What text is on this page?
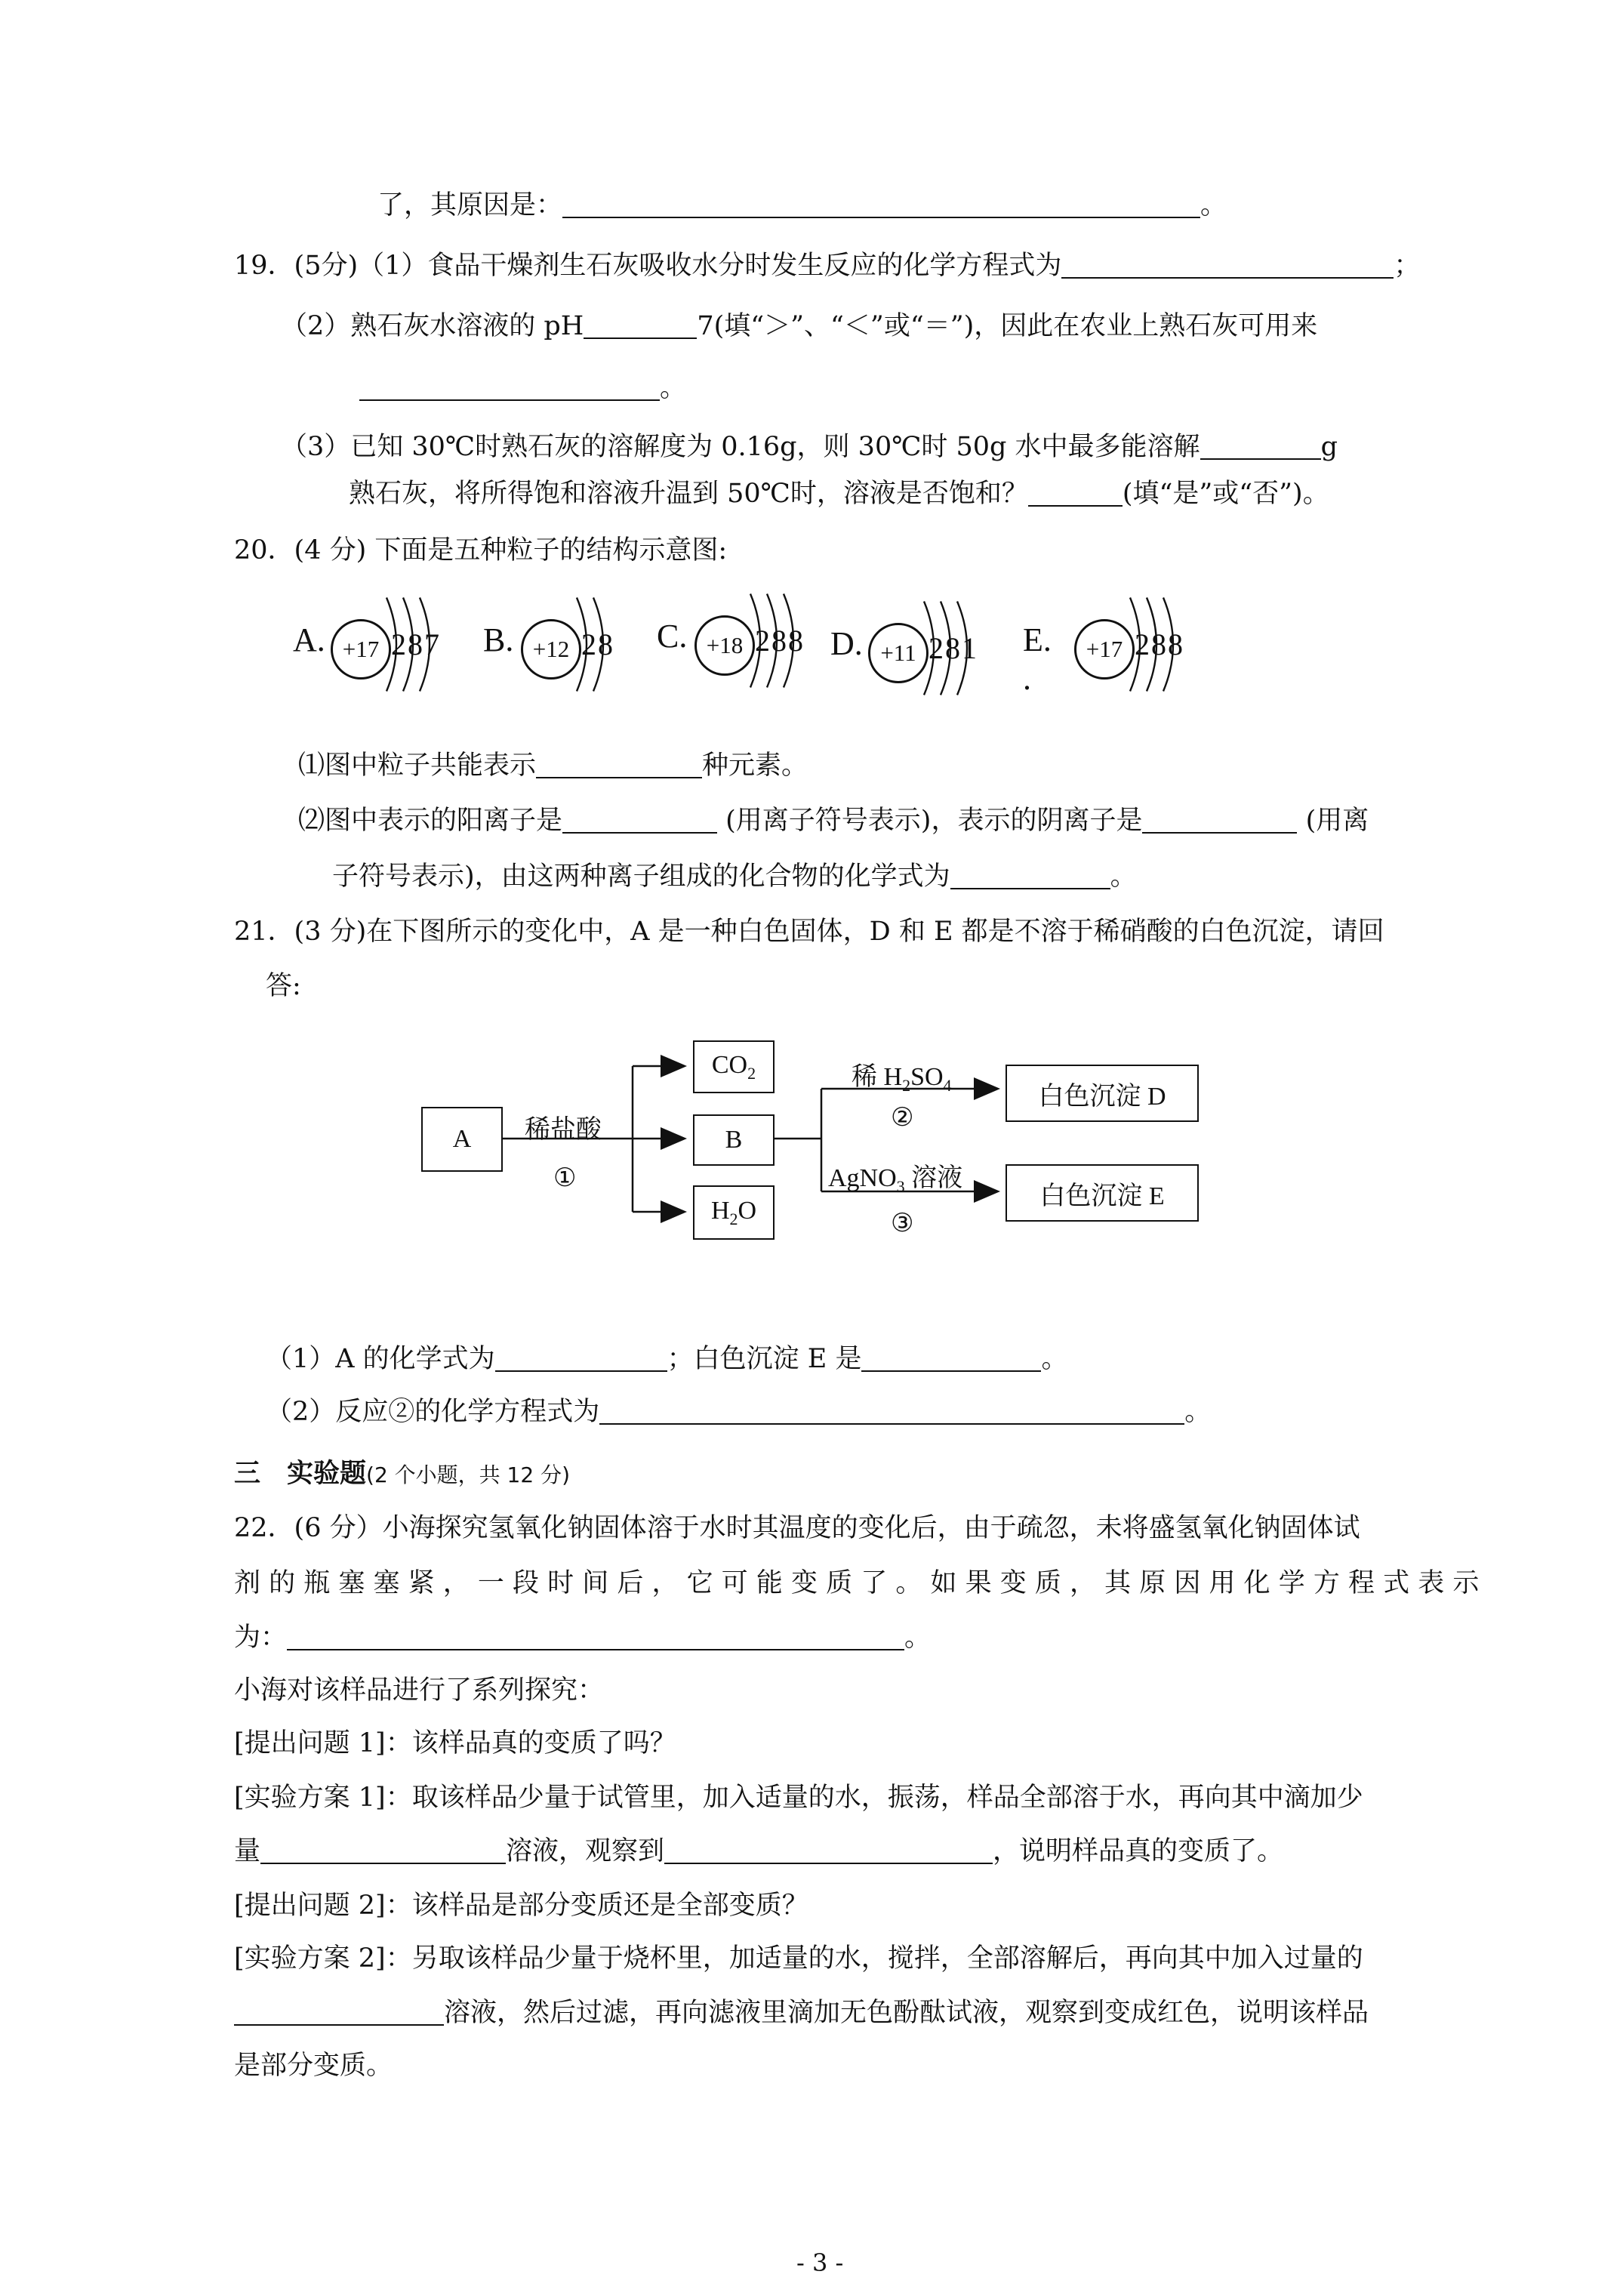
了，其原因是：	。
19．(5分)（1）食品干燥剂生石灰吸收水分时发生反应的化学方程式为	；
（2）熟石灰水溶液的 pH	7(填“＞”、“＜”或“＝”)，因此在农业上熟石灰可用来
。
（3）已知 30℃时熟石灰的溶解度为 0.16g，则 30℃时 50g 水中最多能溶解	g
熟石灰，将所得饱和溶液升温到 50℃时，溶液是否饱和？	(填“是”或“否”)。
20．(4 分) 下面是五种粒子的结构示意图:
A. +17 287 B. +12 28 C. +18 288 D. +11 281 E. .
+17 288
⑴图中粒子共能表示	种元素。
⑵图中表示的阳离子是	(用离子符号表示)，表示的阴离子是	(用离
子符号表示)，由这两种离子组成的化合物的化学式为	。
21．(3 分)在下图所示的变化中，A 是一种白色固体，D 和 E 都是不溶于稀硝酸的白色沉淀，请回
答:
A 稀盐酸
①
$CO_2$
B
$H_2O$
稀 $H_2SO_4$
②
AgNO$_3$ 溶液
③
白色沉淀 D
白色沉淀 E
（1）A 的化学式为	；白色沉淀 E 是	。
（2）反应②的化学方程式为	。
三　实验题(2 个小题，共 12 分)
22．(6 分）小海探究氢氧化钠固体溶于水时其温度的变化后，由于疏忽，未将盛氢氧化钠固体试
剂 的 瓶 塞 塞 紧 ， 一 段 时 间 后 ， 它 可 能 变 质 了 。 如 果 变 质 ， 其 原 因 用 化 学 方 程 式 表 示
为：	。
小海对该样品进行了系列探究：
[提出问题 1]：该样品真的变质了吗？
[实验方案 1]：取该样品少量于试管里，加入适量的水，振荡，样品全部溶于水，再向其中滴加少
量	溶液，观察到	，说明样品真的变质了。
[提出问题 2]：该样品是部分变质还是全部变质？
[实验方案 2]：另取该样品少量于烧杯里，加适量的水，搅拌，全部溶解后，再向其中加入过量的
溶液，然后过滤，再向滤液里滴加无色酚酞试液，观察到变成红色，说明该样品
是部分变质。
- 3 -
